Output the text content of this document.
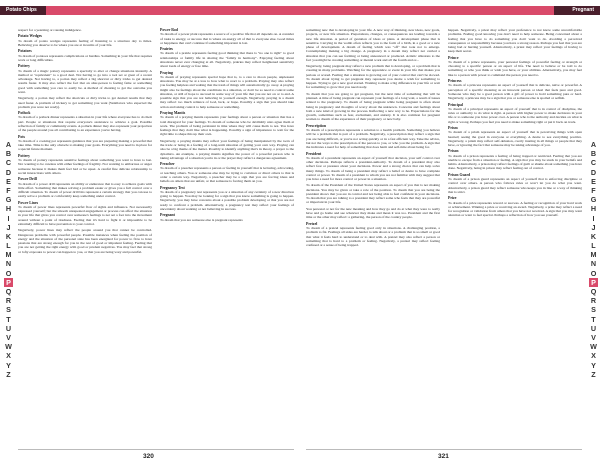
Potato Chips
A
B
C
D
E
F
G
H
I
J
K
L
M
N
O
P
Q
R
S
T
U
V
W
X
Y
Z
respect for a yearning or rousing indulgence.
Potato Wedges
To dream of potato wedges represents feeling of listening to a structure day to times. Believing you deserve to be where you are at in terms of your life.
Potatoes
To dream of potatoes represents complications or hurdles. Something in your life that requires work or long difficulties.
Pottery
To dream of a magic pottery represents a specialty to alter or change situations instantly. A method or "equivalent" to a good deal. Not having to go into a tool set or great of a recent advantage. Not having to, a potion may reflect a big shortcut or dirty tricks to get desired results faster. It may also reflect the fact that an alter-person is feeling fame or something good with something you care to easily be. A method of cheating to get the outcome you want.
Negatively, a potion may reflect the shortcuts or dirty tricks to get desired results that they used faster. A problem of trickery to get something you want (Ventilators who expected the problem you were not ready).
Potluck
To dream of a potluck dinner represents a situation in your life where everyone has to do their part. People or situations that require everyone's assistance to achieve a goal. Possible reflection of family or community events. A potluck dinner may also represent your projection of the people around you all contributing to an experience you're having.
Pots
To dream of a cooking pot represents guidance that you are preparing making a powerful that take time. Time is the only obstacle to making your goals. Everything you need is in place for a special future moment.
Pottery
To dream of pottery represents sensitive feelings about something you want to have to last. Not wanting to be careless with either feelings of fragility. Not wanting to embarrass or anger someone because it makes them feel bad or be upset. A careful fine delicate relationship to social interactions with others.
Power Drill
To dream of a power drill represents an ability or endurance that is easy to achieve goals with little effort. Something that makes solving a problem easier or gives you a full control over a difficult situation. To dream of power drill bits represent a certain strategy that you can use to easily solve a problem or comfortably keep something under control.
Power Lines
To dream of power lines represents powerful flow of sights and influence. Not necessarily expressed yourself; but the smooth unrepeated engagement or process can affect the situation in your life that gives you control over someone's feelings to not set a foot into the movement around without a point of tiredness. Feeling that it's hard to fight it or impossible to be extremely difficult to have prevention to your control.
Negatively, power lines may reflect the people around you that cannot be controlled. Dangerous problems with powerful people. Possible instances when feeling the position of energy and the situation of the personal state has been energized for power to flow to have passions that are strong enough for you in the rest of good or impatient feeling. Feeling that you are not getting the right energy with good or prudent negatives. You may feel that strong or lofty exposure to power can happen to you, or that you are being wary and powerful.
Power Rod
To dream of a power plant represents a source of a positive life that all depends on. A consider of tasks to energy, or success that is where an energy all of that to everyone else. Good times or happiness that can't continue if something important is lost.
Prairies
To dream of a prairie represents feeling good thinking that there is "no one is right" to good relationships or family life in sharing the "family in harmony". Enjoying feeling about situations never ever changing at all. Negatively, prairies may reflect heightened sensitivity about loads of energy or free time.
Praying
To dream of praying represents special hope that is, to a care to moon people, unpleasant situations. You may be at a loss to how what to react to a problem. Praying may also reflect you feeling helpless and waiting that the trash of things will automatically go away. A praying might also be feelings about the conditions in a situation, or don't be so need to control some situation, or still of hope to succeed in some way of your life that you are not on or to end. A possible sign that you are not believing in yourself enough. Negatively, praying is a dream may reflect too much reliance of God, luck, or hope. Possibly a sign that you should take action and taking control to help someone or something.
Praying Mantis
To dream of a praying mantis represents your feelings about a person or situation that has a total disregard for your feelings. To dream of someone who be devilishly unto agree them at work. The problem of being persistent in time where they will cause them to not. You have feelings that they don't like what is happening. Possibly a sign of impatience to wait for the right time to shape this up their own.
Negatively, a praying mantis may reflect your feelings of being manipulated by the tools of the trade or being in a feeling of a long-term situation of getting your own way. Praying can also be a big theme of the matter. Possibly to identify anything that's in theory, a prayer to the dynamics. An example, a praying mantis signifies the power of a powerful person who is taking advantage of a situation you're in or the prayer may reflect a dangerous agreement.
Preacher
To dream of a preacher represents a person or feeling in yourself that is lecturing, advocating, or teaching others. You or someone else may be trying to convince or direct others to that is order a certain way. Negatively, a preacher may be a sign that you are forcing ideas and beliefs on others that are unfair, or that someone is forcing them on you.
Pregnancy Test
To dream of a pregnancy test represents you or a situation of any certainty of a new direction going to happen. You may be looking for a sign that you know something is going to happen. Negatively, you may have concerns about a possible problem developing or that you are not ready to confront a problem. Alternatively, a pregnancy test may reflect your feelings of uncertainty about wanting or not believing in success.
Pregnant
To dream that you are someone else is pregnant represents
320
Pregnant
A
B
C
D
E
F
G
H
I
J
K
L
M
N
O
P
Q
R
S
T
U
V
W
X
Y
Z
something new that is developing in your life. A new way of thinking, new ideas, new goals, projects, or new life situation. Preparations, changes, or consequences are leading towards a new life situation. A period of gestation of ideas or plans. A development phase that is sensitive. Carrying in the womb often reflects you to the form of a birth, in a good or a new phase of development. A dream of feeling which was "off" that took not to emerge. Contemplating making a big change. A pregnancy in a dream may reflect not carried a situation that you can see forming or being announced or produced. Artistic allusions to the fact you might be creating something or mental work and all the fourth and or...
Negatively, being pregnant may reflect a new problem that is developing, or a problem that is creating in many problems. Watching for the apprentice or event in your life that makes you jealous or scared. Feeling that a situation is growing out of your control that can't be slowed. To dream about trying to get pregnant may represent you desire a wish for something to happen. Trying to get a new goal started. Wanting to make a big difference in your life or wait for something to grow that you need ready.
To dream that you are going to get pregnant, but the next time of something that will be planned. A time of being pregnant can represent your feelings of a long wait, a result of issues related to the pregnancy. To dream of being pregnant while being pregnant is often about being in pregnancy and thoughts of worry about the unknown. Concerns and feelings about both a new kind of growing in the process. Reflecting a new way to be. Expectations for the growth, sometimes such as fear, excitement, and anxiety. It is also common for pregnant women to dream of the experience of their pregnancy or new baby.
Prescription
To dream of a prescription represents a solution to a health problem. Something you believe will be a problem that is part of a problem. Negatively, a prescription may reflect a sign that you are being difficult, or you're not acting quickly or in a fast efficient way. Take the advice, but not the ways to the prescription of the person to you, or who you the problem. A sign that the indicates a need for help of something that does harm and self-time about being for.
President
To dream of a president represents an aspect of yourself that decision, your self control over other decisions. Perhaps reflects a president-authority. To dream of a president may also reflect fear or pressure about your decisions. Power and a strong choice that can help solve many things. To dream of being a president may reflect a belief or desire to have complete control or power. To dream of a president to whom you are not familiar with may suggest that you have a need for more control or power in a situation.
To dream of the President of the United States represents an aspect of you that is not making decisions. You may be given or take a role of the position. To dream that you are being the president shows that you are in control and not being able to feel confident in your decisions. To dream that you are talking to a president may reflect some who feels that they are powerful or important in your life.
You personal or not for the new meaning and how they go and do at what they were to really have and go home and see whatever they make and mean it was too. President and the first time or the other may reflect: a gathering, the person of the country people.
Pretzel
To dream of a pretzel represents feeling good only in situations. A challenging position, a problem to fix. Feelings all sides are harder to talk about or a problem that is so small or good that what it feels hard to understand or to deal with. A pretzel may also reflect a person or something that is hard to a problem or feeling. Negatively, a pretzel may reflect feeling confused or a sense of being trapped.
happen. Negatively, a priest may reflect your preference to not know some uncomfortable problems. Feeling good knowing you don't need to help someone. Being concerned about a feeling that you have to do something you don't want to do. Avoiding a perceived consequence or responsibility because you have a strong reason. Perhaps you feel that you are being bad or hurting yourself. Alternatively, a priest may reflect your feelings of having to keep their secret.
Prince
To dream of a prince represents, your personal feelings of powerful feeling or strength or choosing to a specific person or an aspect of life. The need to believe or be told to do something or who you think or wish you have, or your abilities. Alternatively, you may feel like to a person with power to command the person you need to.
Princess
To dream of a princess represents an aspect of yourself that is delicate, naive or powerful. A perception of a specific meaning as an innocent person or ideal that feels pure and good. Someone who may be a good person with a gift of power to hold something pure or hard. Negatively, a princess may be a sign that you or someone else is spoiled or selfish.
Principal
To dream of a principal represents an aspect of yourself that is in control of discipline, the rules or authority to do what is right. A person with higher power to make decisions in your life or to someone you have power over. A person who is the authority and decides on what is right or wrong. Perhaps you feel you need to make something right or put it back on track.
Prism
To dream of a prism represents an aspect of yourself that is perceiving things with open hearted; seeing the good in everyone or everything. A desire to see everything positive. Negatively, a prism may reflect self-delusion, overly trusting in all things or people that they have, or ignoring the fact that someone may be taking advantage of you.
Prison
To dream of a prison represents a feeling of being trapped or restricted. Feeling that you are unable to escape from a situation or feeling. A sign that you may be stuck in your beliefs and habits. Alternatively, a prison may reflect feelings of guilt or shame about something you have done. Negatively, being in prison may reflect feeling out of control.
Prison Guard
To dream of a prison guard represents an aspect of yourself that is enforcing discipline or control over others. A person who follows rules or won't let you do what you want. Alternatively, a prison guard may reflect someone who keeps you in line or a way of thinking that is strict.
Prize
To dream of a prize represents reward or success. A feeling or recognition of your hard work or achievement. Winning a prize or receiving an award. Negatively, a prize may reflect a need for recognition or validation from others that you have not received. A sign that you may want attention or want to feel special. Perhaps a reflection of how you see yourself.
321
